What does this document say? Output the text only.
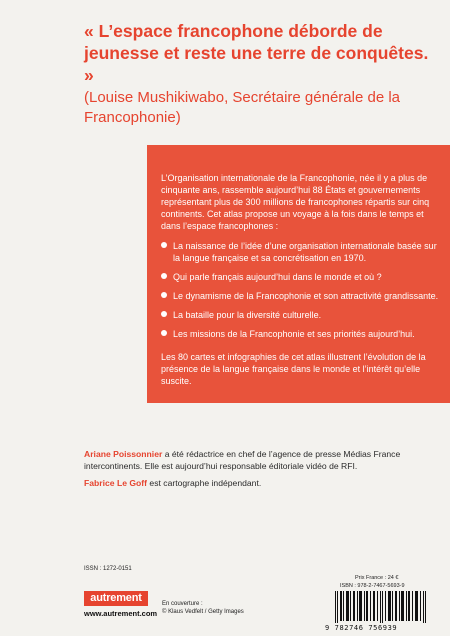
« L’espace francophone déborde de jeunesse et reste une terre de conquêtes. »
(Louise Mushikiwabo, Secrétaire générale de la Francophonie)

L’Organisation internationale de la Francophonie, née il y a plus de cinquante ans, rassemble aujourd’hui 88 États et gouvernements représentant plus de 300 millions de francophones répartis sur cinq continents. Cet atlas propose un voyage à la fois dans le temps et dans l’espace francophones :

La naissance de l’idée d’une organisation internationale basée sur la langue française et sa concrétisation en 1970.
Qui parle français aujourd’hui dans le monde et où ?
Le dynamisme de la Francophonie et son attractivité grandissante.
La bataille pour la diversité culturelle.
Les missions de la Francophonie et ses priorités aujourd’hui.

Les 80 cartes et infographies de cet atlas illustrent l’évolution de la présence de la langue française dans le monde et l’intérêt qu’elle suscite.

Ariane Poissonnier a été rédactrice en chef de l’agence de presse Médias France intercontinents. Elle est aujourd’hui responsable éditoriale vidéo de RFI.

Fabrice Le Goff est cartographe indépendant.

ISSN : 1272-0151
autrement
www.autrement.com
En couverture :
© Klaus Vedfelt / Getty Images
Prix France : 24 €
ISBN : 978-2-7467-5693-9
9 782746 756939
